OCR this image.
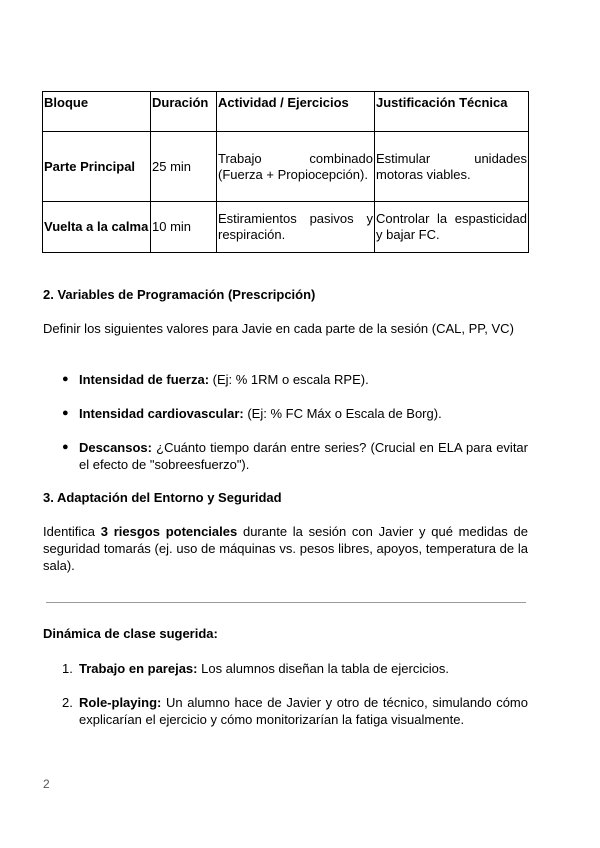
Bloque	Duración	Actividad / Ejercicios	Justificación Técnica
Parte Principal	25 min	Trabajo combinado (Fuerza + Propiocepción).	Estimular unidades motoras viables.
Vuelta a la calma	10 min	Estiramientos pasivos y respiración.	Controlar la espasticidad y bajar FC.
2. Variables de Programación (Prescripción)
Definir los siguientes valores para Javie en cada parte de la sesión (CAL, PP, VC)
● Intensidad de fuerza: (Ej: % 1RM o escala RPE).
● Intensidad cardiovascular: (Ej: % FC Máx o Escala de Borg).
● Descansos: ¿Cuánto tiempo darán entre series? (Crucial en ELA para evitar el efecto de "sobreesfuerzo").
3. Adaptación del Entorno y Seguridad
Identifica 3 riesgos potenciales durante la sesión con Javier y qué medidas de seguridad tomarás (ej. uso de máquinas vs. pesos libres, apoyos, temperatura de la sala).
Dinámica de clase sugerida:
1. Trabajo en parejas: Los alumnos diseñan la tabla de ejercicios.
2. Role-playing: Un alumno hace de Javier y otro de técnico, simulando cómo explicarían el ejercicio y cómo monitorizarían la fatiga visualmente.
2
